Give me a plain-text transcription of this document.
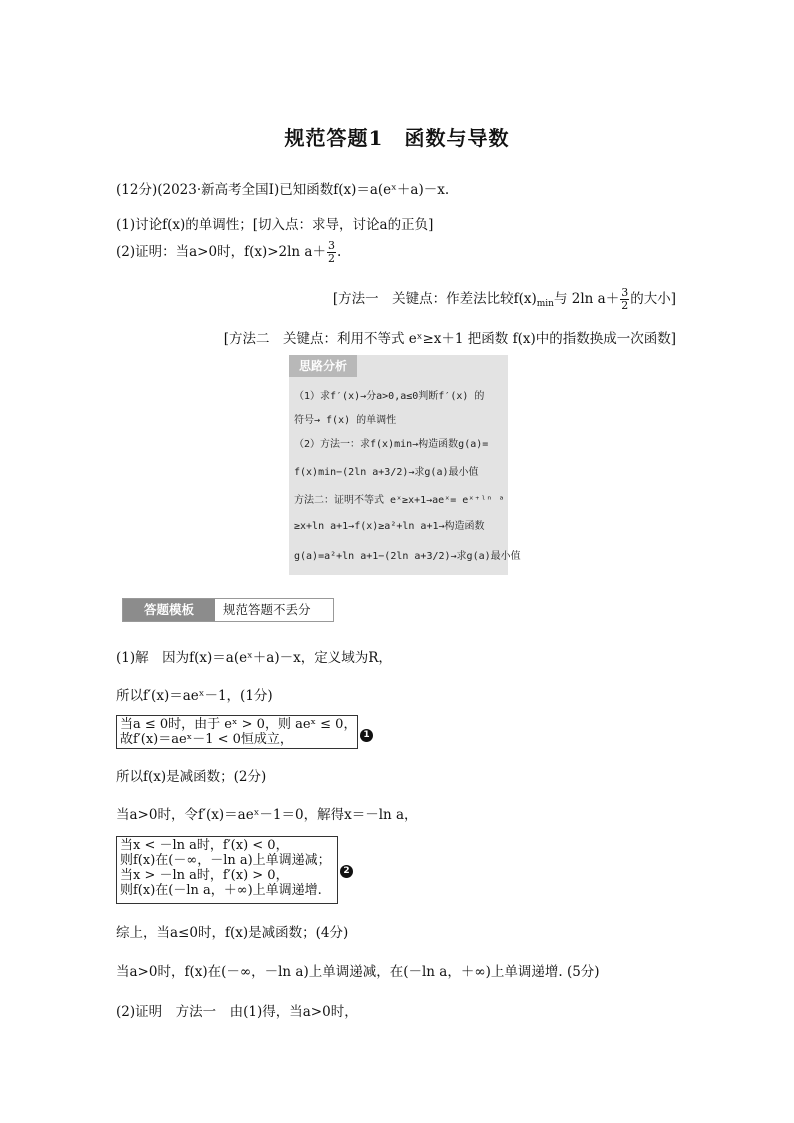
规范答题1　函数与导数
(12分)(2023·新高考全国Ⅰ)已知函数f(x)＝a(eˣ＋a)－x.
(1)讨论f(x)的单调性；[切入点：求导，讨论a的正负]
(2)证明：当a>0时，f(x)>2ln $a+ \frac{3}{2}$ .
[方法一　关键点：作差法比较$f(x)_{min}$与 2ln $a+ \frac{3}{2}$ 的大小]
[方法二　关键点：利用不等式 eˣ≥x＋1 把函数 f(x)中的指数换成一次函数]
思路分析
（1）求f′(x)→分a>0,a≤0判断f′(x) 的
符号→ f(x) 的单调性
（2）方法一：求f(x)min→构造函数g(a)=
f(x)min−(2ln a+3/2)→求g(a)最小值
方法二：证明不等式 eˣ≥x+1→aeˣ= eˣ⁺ˡⁿ ᵃ
≥x+ln a+1→f(x)≥a²+ln a+1→构造函数
g(a)=a²+ln a+1−(2ln a+3/2)→求g(a)最小值
答题模板	规范答题不丢分
(1)解　因为f(x)＝a(eˣ＋a)－x，定义域为R，
所以f′(x)＝aeˣ－1，(1分)
当a ≤ 0时，由于 eˣ > 0，则 aeˣ ≤ 0，
故f′(x)＝aeˣ－1 < 0恒成立，	1
所以f(x)是减函数；(2分)
当a>0时，令f′(x)＝aeˣ－1＝0，解得x＝－ln a，
当x < －ln a时，f′(x) < 0，
则f(x)在(－∞，－ln a)上单调递减；
当x > －ln a时，f′(x) > 0，
则f(x)在(－ln a，＋∞)上单调递增.
2
综上，当a≤0时，f(x)是减函数；(4分)
当a>0时，f(x)在(－∞，－ln a)上单调递减，在(－ln a，＋∞)上单调递增. (5分)
(2)证明　方法一　由(1)得，当a>0时，
